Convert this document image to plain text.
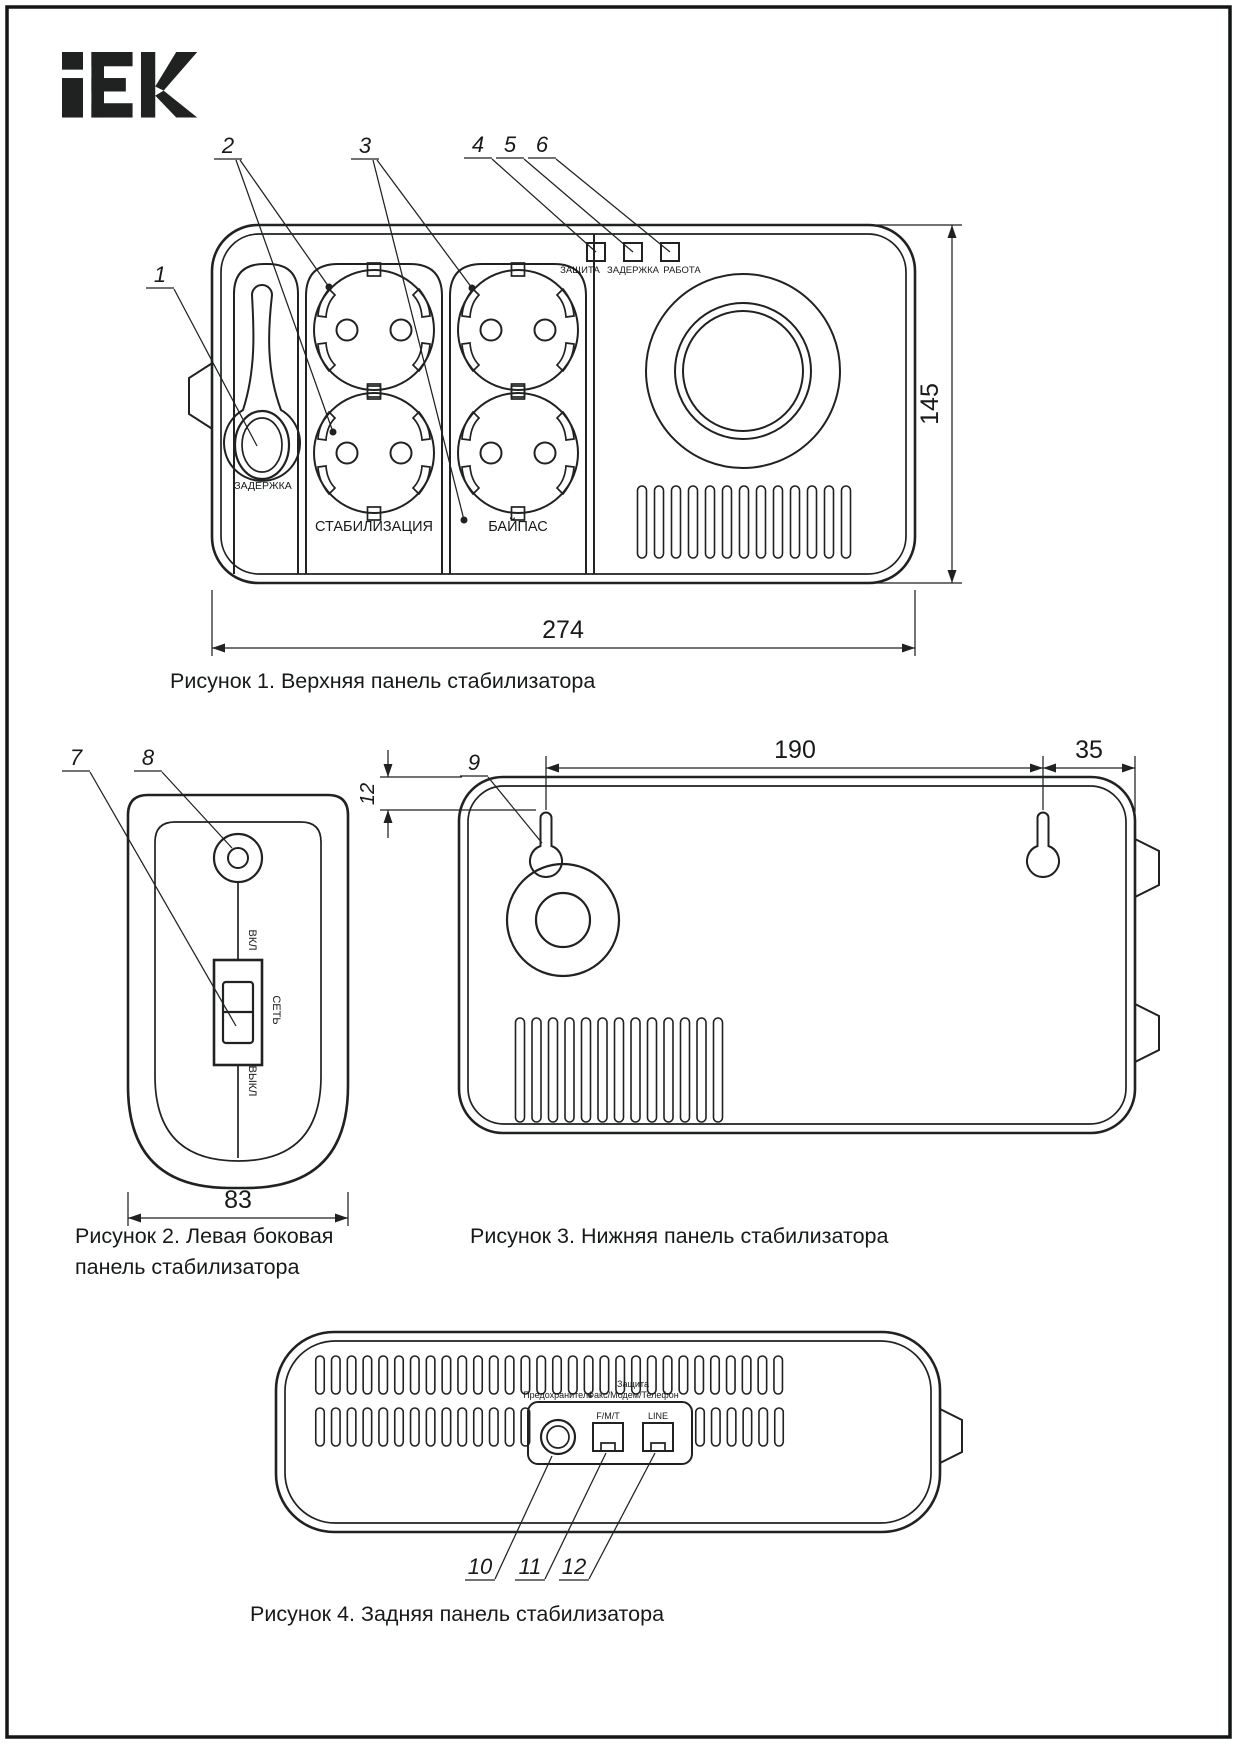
ЗАДЕРЖКА
СТАБИЛИЗАЦИЯ	БАЙПАС
ЗАЩИТА ЗАДЕРЖКА РАБОТА
1
2	3	4 5 6
274
145
Рисунок 1. Верхняя панель стабилизатора
ВКЛ
СЕТЬ
ВЫКЛ
7	8
83
Рисунок 2. Левая боковая
панель стабилизатора
9	190	35
12
Рисунок 3. Нижняя панель стабилизатора
Предохранитель
Защита
Факс/Модем/Телефон
F/M/T	LINE
10 11 12
Рисунок 4. Задняя панель стабилизатора
